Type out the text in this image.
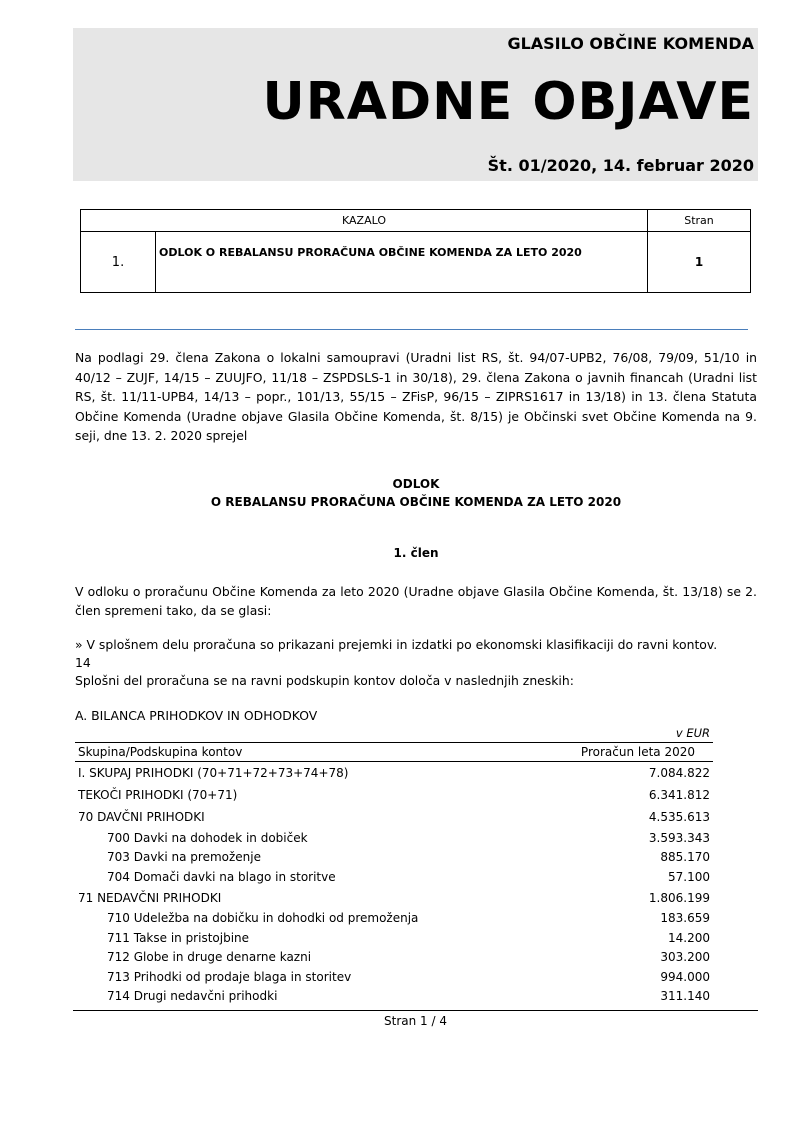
GLASILO OBČINE KOMENDA
URADNE OBJAVE
Št. 01/2020, 14. februar 2020
KAZALO		Stran
1.	ODLOK O REBALANSU PRORAČUNA OBČINE KOMENDA ZA LETO 2020	1
Na podlagi 29. člena Zakona o lokalni samoupravi (Uradni list RS, št. 94/07-UPB2, 76/08, 79/09, 51/10 in 40/12 – ZUJF, 14/15 – ZUUJFO, 11/18 – ZSPDSLS-1 in 30/18), 29. člena Zakona o javnih financah (Uradni list RS, št. 11/11-UPB4, 14/13 – popr., 101/13, 55/15 – ZFisP, 96/15 – ZIPRS1617 in 13/18) in 13. člena Statuta Občine Komenda (Uradne objave Glasila Občine Komenda, št. 8/15) je Občinski svet Občine Komenda na 9. seji, dne 13. 2. 2020 sprejel
ODLOK
O REBALANSU PRORAČUNA OBČINE KOMENDA ZA LETO 2020
1. člen
V odloku o proračunu Občine Komenda za leto 2020 (Uradne objave Glasila Občine Komenda, št. 13/18) se 2. člen spremeni tako, da se glasi:
» V splošnem delu proračuna so prikazani prejemki in izdatki po ekonomski klasifikaciji do ravni kontov.
14
Splošni del proračuna se na ravni podskupin kontov določa v naslednjih zneskih:
A. BILANCA PRIHODKOV IN ODHODKOV
v EUR
Skupina/Podskupina kontov	Proračun leta 2020
I. SKUPAJ PRIHODKI (70+71+72+73+74+78)	7.084.822
TEKOČI PRIHODKI (70+71)	6.341.812
70 DAVČNI PRIHODKI	4.535.613
700 Davki na dohodek in dobiček	3.593.343
703 Davki na premoženje	885.170
704 Domači davki na blago in storitve	57.100
71 NEDAVČNI PRIHODKI	1.806.199
710 Udeležba na dobičku in dohodki od premoženja	183.659
711 Takse in pristojbine	14.200
712 Globe in druge denarne kazni	303.200
713 Prihodki od prodaje blaga in storitev	994.000
714 Drugi nedavčni prihodki	311.140
Stran 1 / 4
